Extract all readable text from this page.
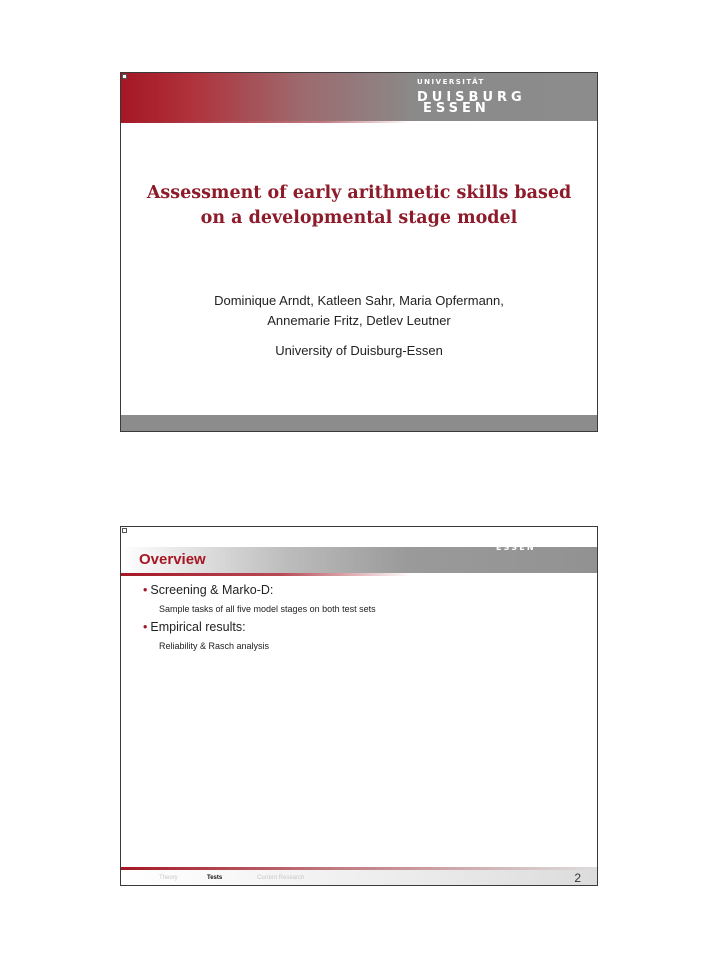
UNIVERSITÄT
DUISBURG
ESSEN
Assessment of early arithmetic skills based
on a developmental stage model
Dominique Arndt, Katleen Sahr, Maria Opfermann,
Annemarie Fritz, Detlev Leutner
University of Duisburg-Essen
Overview
UNIVERSITÄT
DUISBURG
ESSEN
• Screening & Marko-D:
Sample tasks of all five model stages on both test sets
• Empirical results:
Reliability & Rasch analysis
Theory	Tests	Current Research	2
